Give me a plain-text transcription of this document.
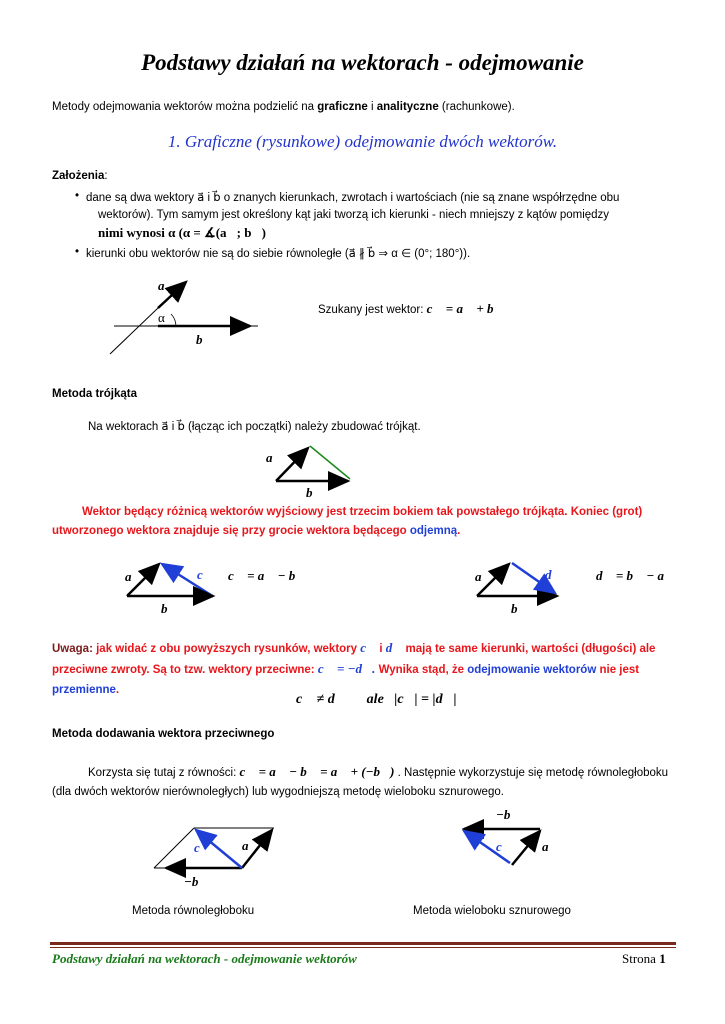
Podstawy działań na wektorach - odejmowanie
Metody odejmowania wektorów można podzielić na graficzne i analityczne (rachunkowe).
1. Graficzne (rysunkowe) odejmowanie dwóch wektorów.
Założenia:
• dane są dwa wektory a⃗ i b⃗ o znanych kierunkach, zwrotach i wartościach (nie są znane współrzędne obu
wektorów). Tym samym jest określony kąt jaki tworzą ich kierunki - niech mniejszy z kątów pomiędzy
nimi wynosi α (α = ∡(a⃗; b⃗)
• kierunki obu wektorów nie są do siebie równoległe (a⃗ ∦ b⃗ ⇒ α ∈ (0°; 180°)).
a⃗
α
b⃗
Szukany jest wektor: c⃗ = a⃗ + b⃗
Metoda trójkąta
Na wektorach a⃗ i b⃗ (łącząc ich początki) należy zbudować trójkąt.
a⃗
b⃗
Wektor będący różnicą wektorów wyjściowy jest trzecim bokiem tak powstałego trójkąta. Koniec (grot)
utworzonego wektora znajduje się przy grocie wektora będącego odjemną.
a⃗	c⃗
b⃗
c⃗ = a⃗ − b⃗	a⃗	d⃗
b⃗
d⃗ = b⃗ − a⃗
Uwaga: jak widać z obu powyższych rysunków, wektory c⃗ i d⃗ mają te same kierunki, wartości (długości) ale
przeciwne zwroty. Są to tzw. wektory przeciwne: c⃗ = −d⃗. Wynika stąd, że odejmowanie wektorów nie jest
przemienne.
c⃗ ≠ d⃗      ale   |c⃗| = |d⃗|
Metoda dodawania wektora przeciwnego
Korzysta się tutaj z równości: c⃗ = a⃗ − b⃗ = a⃗ + (−b⃗) . Następnie wykorzystuje się metodę równoległoboku
(dla dwóch wektorów nierównoległych) lub wygodniejszą metodę wieloboku sznurowego.
c⃗ a⃗
−b⃗
Metoda równoległoboku
−b⃗
c⃗ a⃗
Metoda wieloboku sznurowego
Podstawy działań na wektorach - odejmowanie wektorów	Strona 1
